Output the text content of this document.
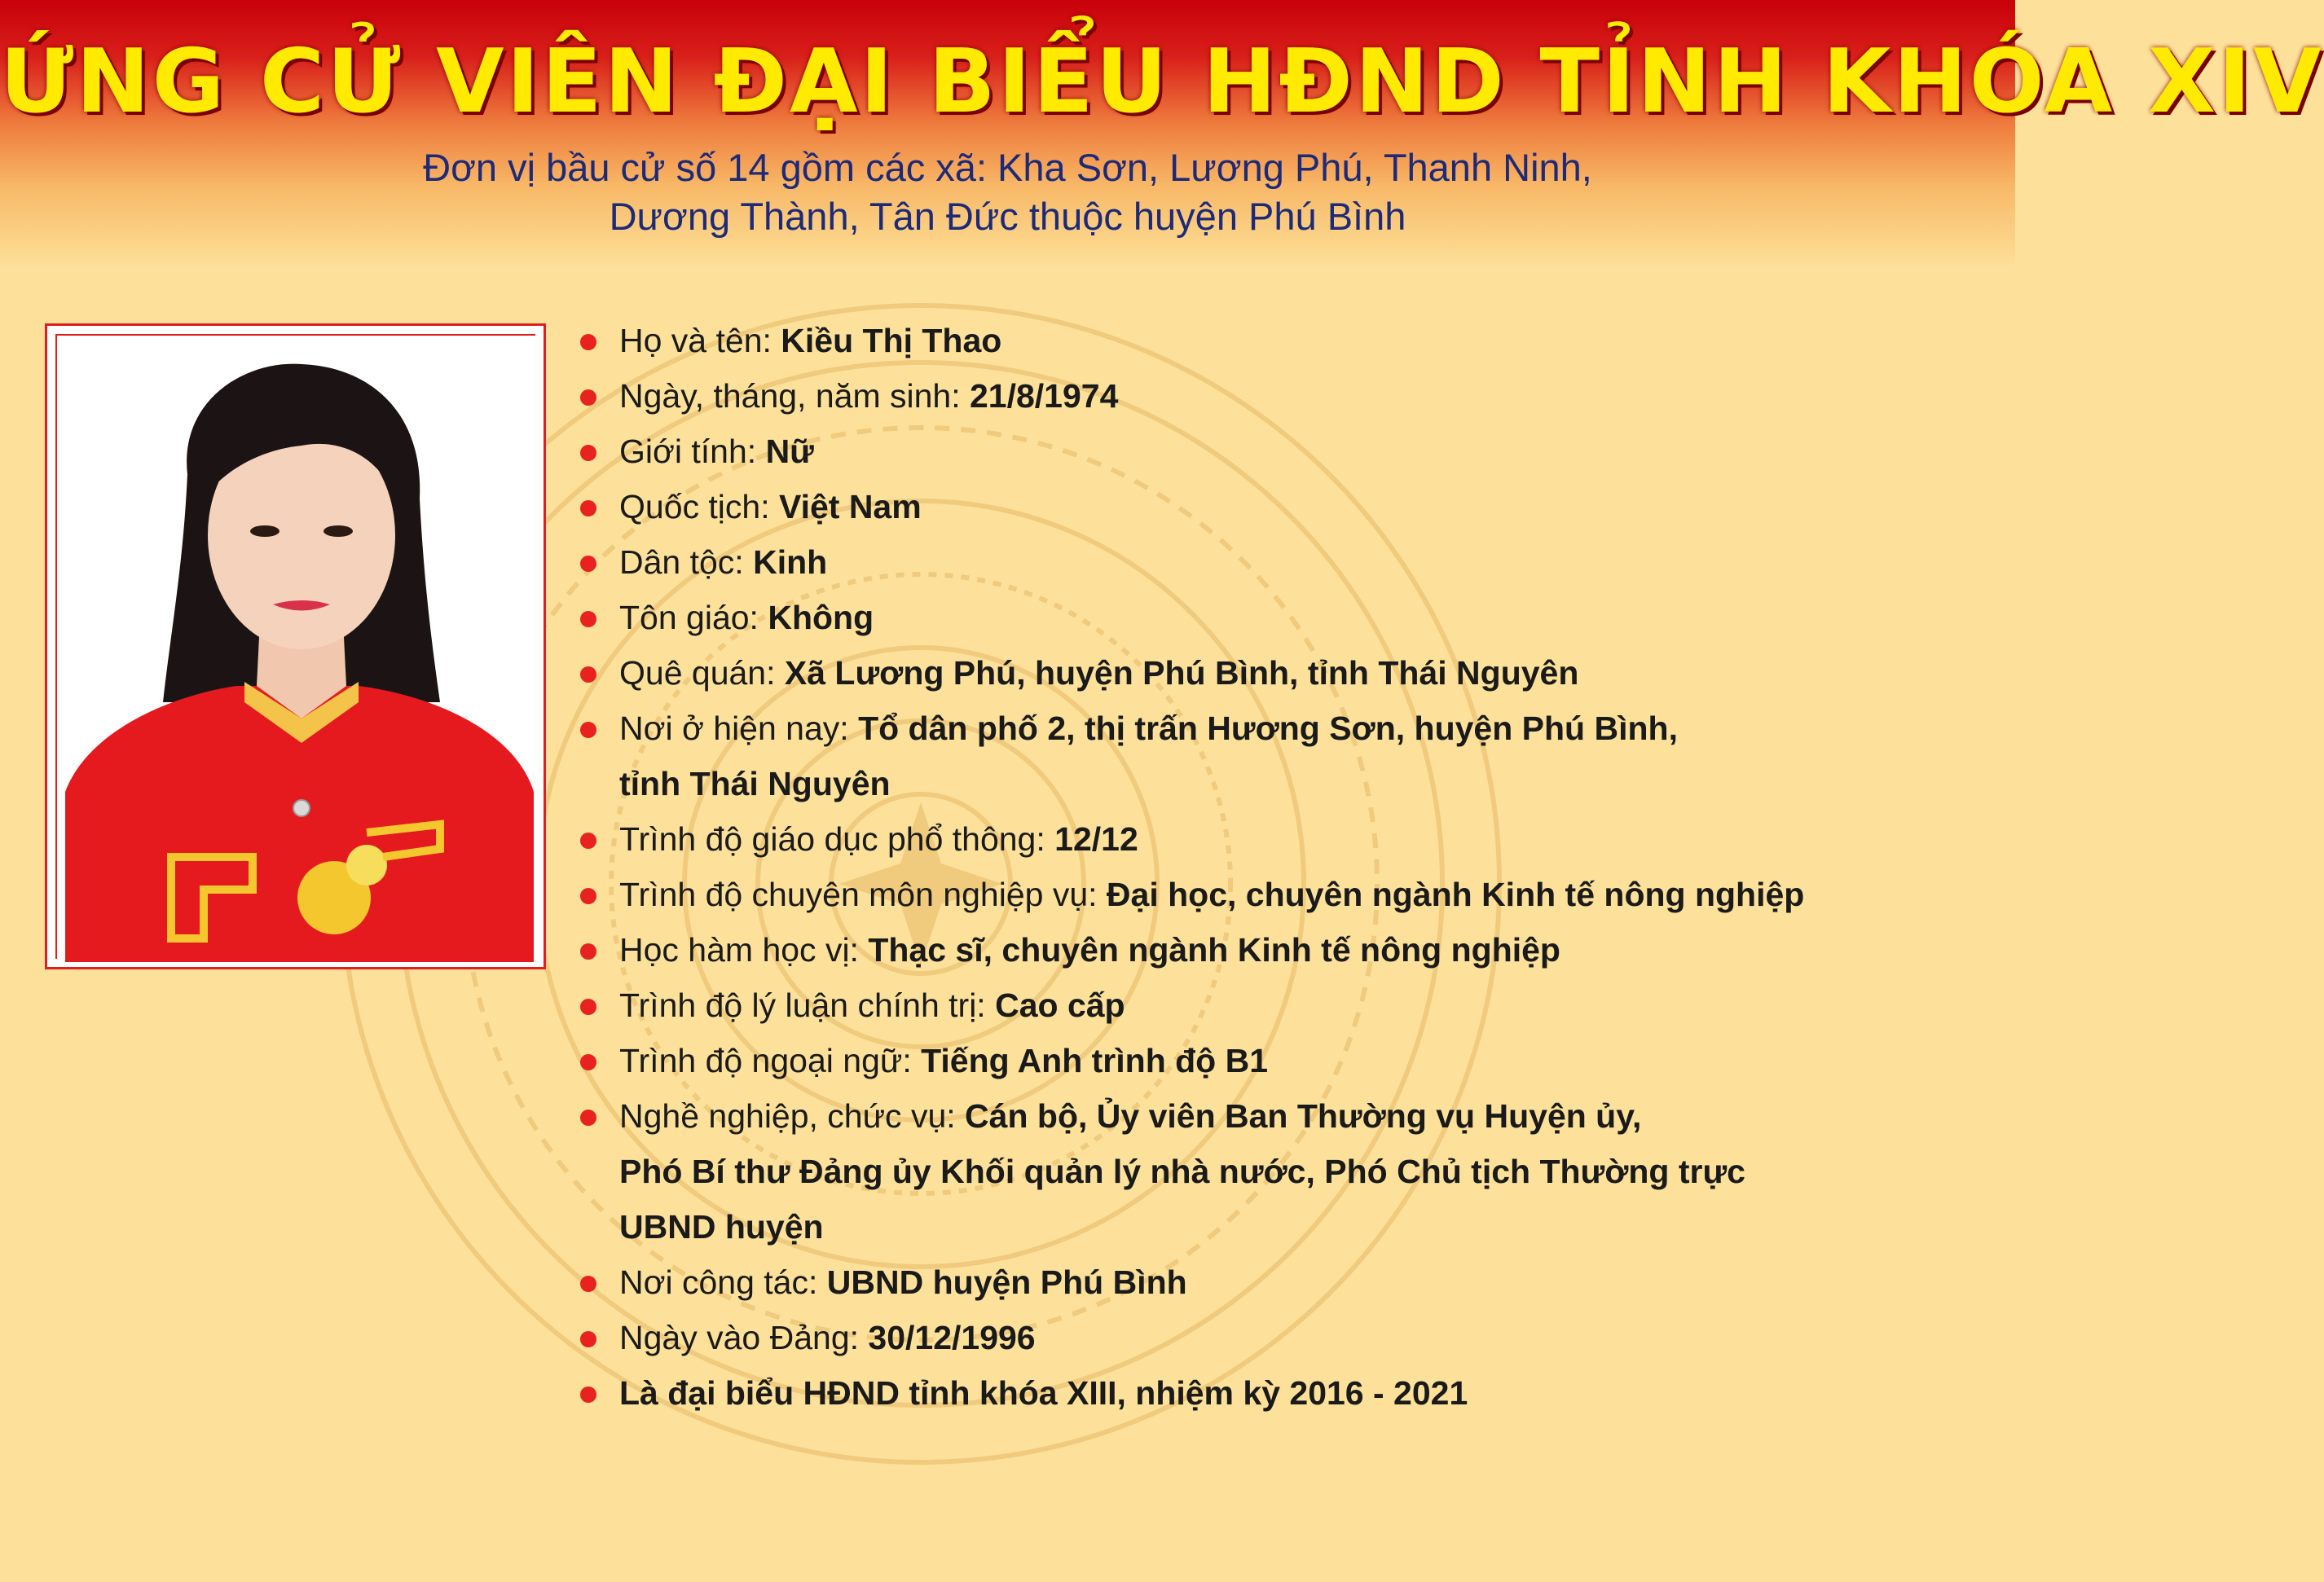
ỨNG CỬ VIÊN ĐẠI BIỂU HĐND TỈNH KHÓA XIV
Đơn vị bầu cử số 14 gồm các xã: Kha Sơn, Lương Phú, Thanh Ninh,
Dương Thành, Tân Đức thuộc huyện Phú Bình
Họ và tên: Kiều Thị Thao
Ngày, tháng, năm sinh: 21/8/1974
Giới tính: Nữ
Quốc tịch: Việt Nam
Dân tộc: Kinh
Tôn giáo: Không
Quê quán: Xã Lương Phú, huyện Phú Bình, tỉnh Thái Nguyên
Nơi ở hiện nay: Tổ dân phố 2, thị trấn Hương Sơn, huyện Phú Bình,
tỉnh Thái Nguyên
Trình độ giáo dục phổ thông: 12/12
Trình độ chuyên môn nghiệp vụ: Đại học, chuyên ngành Kinh tế nông nghiệp
Học hàm học vị: Thạc sĩ, chuyên ngành Kinh tế nông nghiệp
Trình độ lý luận chính trị: Cao cấp
Trình độ ngoại ngữ: Tiếng Anh trình độ B1
Nghề nghiệp, chức vụ: Cán bộ, Ủy viên Ban Thường vụ Huyện ủy,
Phó Bí thư Đảng ủy Khối quản lý nhà nước, Phó Chủ tịch Thường trực
UBND huyện
Nơi công tác: UBND huyện Phú Bình
Ngày vào Đảng: 30/12/1996
Là đại biểu HĐND tỉnh khóa XIII, nhiệm kỳ 2016 - 2021
